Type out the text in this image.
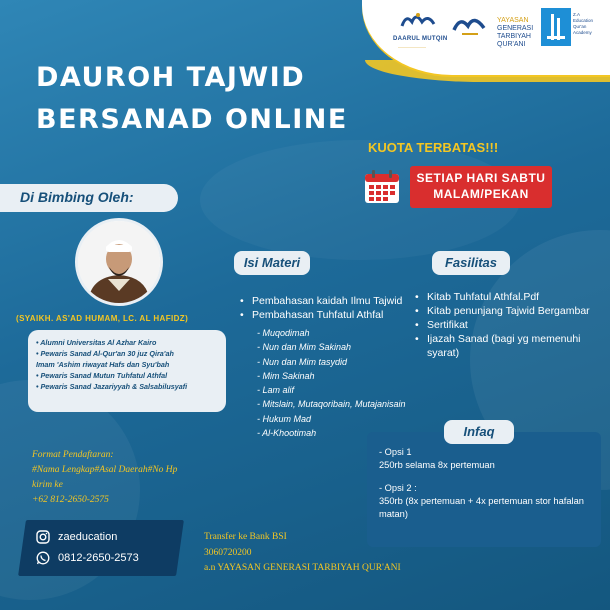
DAARUL MUTQIN
———————
YAYASAN
GENERASI
TARBIYAH
QUR'ANI
Z.A
Education
Qur'an
Academy
DAUROH TAJWID
BERSANAD ONLINE
KUOTA TERBATAS!!!
SETIAP HARI SABTU
MALAM/PEKAN
Di Bimbing Oleh:
(SYAIKH. AS'AD HUMAM, LC. AL HAFIDZ)
• Alumni Universitas Al Azhar Kairo
• Pewaris Sanad Al-Qur'an 30 juz Qira'ah
Imam 'Ashim riwayat Hafs dan Syu'bah
• Pewaris Sanad Mutun Tuhfatul Athfal
• Pewaris Sanad Jazariyyah & Salsabilusyafi
Isi Materi
• Pembahasan kaidah Ilmu Tajwid
• Pembahasan Tuhfatul Athfal
- Muqodimah
- Nun dan Mim Sakinah
- Nun dan Mim tasydid
- Mim Sakinah
- Lam alif
- Mitslain, Mutaqoribain, Mutajanisain
- Hukum Mad
- Al-Khootimah
Fasilitas
• Kitab Tuhfatul Athfal.Pdf
• Kitab penunjang Tajwid Bergambar
• Sertifikat
• Ijazah Sanad (bagi yg memenuhi syarat)
- Opsi 1
250rb selama 8x pertemuan
- Opsi 2 :
350rb (8x pertemuan + 4x pertemuan stor hafalan matan)
Infaq
Format Pendaftaran:
#Nama Lengkap#Asal Daerah#No Hp
kirim ke
+62 812-2650-2575
zaeducation
0812-2650-2573
Transfer ke Bank BSI
3060720200
a.n YAYASAN GENERASI TARBIYAH QUR'ANI
